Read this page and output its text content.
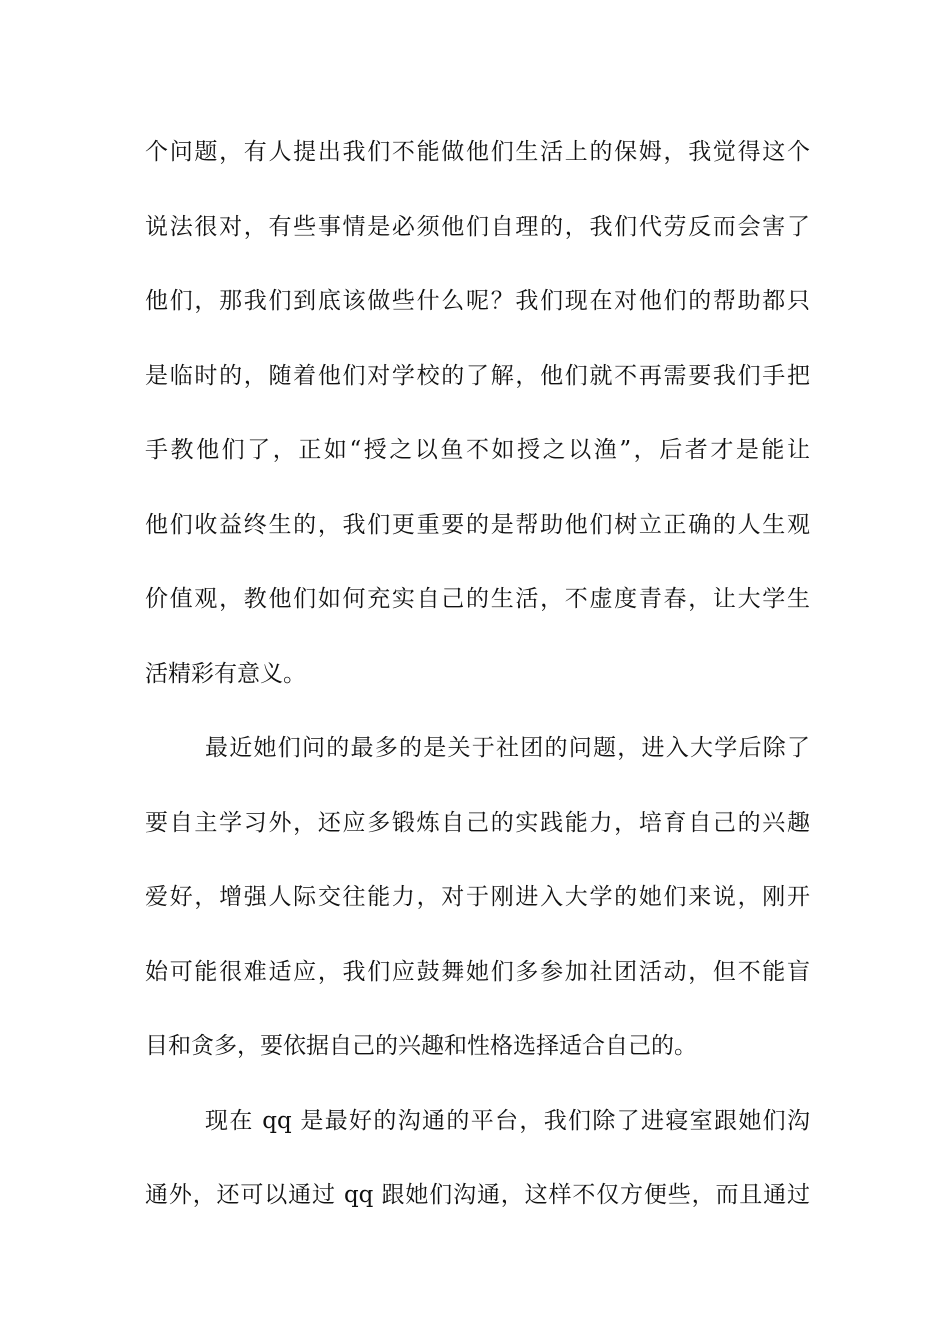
个问题，有人提出我们不能做他们生活上的保姆，我觉得这个
说法很对，有些事情是必须他们自理的，我们代劳反而会害了
他们，那我们到底该做些什么呢？我们现在对他们的帮助都只
是临时的，随着他们对学校的了解，他们就不再需要我们手把
手教他们了，正如“授之以鱼不如授之以渔”，后者才是能让
他们收益终生的，我们更重要的是帮助他们树立正确的人生观
价值观，教他们如何充实自己的生活，不虚度青春，让大学生
活精彩有意义。
最近她们问的最多的是关于社团的问题，进入大学后除了
要自主学习外，还应多锻炼自己的实践能力，培育自己的兴趣
爱好，增强人际交往能力，对于刚进入大学的她们来说，刚开
始可能很难适应，我们应鼓舞她们多参加社团活动，但不能盲
目和贪多，要依据自己的兴趣和性格选择适合自己的。
现在 qq 是最好的沟通的平台，我们除了进寝室跟她们沟
通外，还可以通过 qq 跟她们沟通，这样不仅方便些，而且通过
